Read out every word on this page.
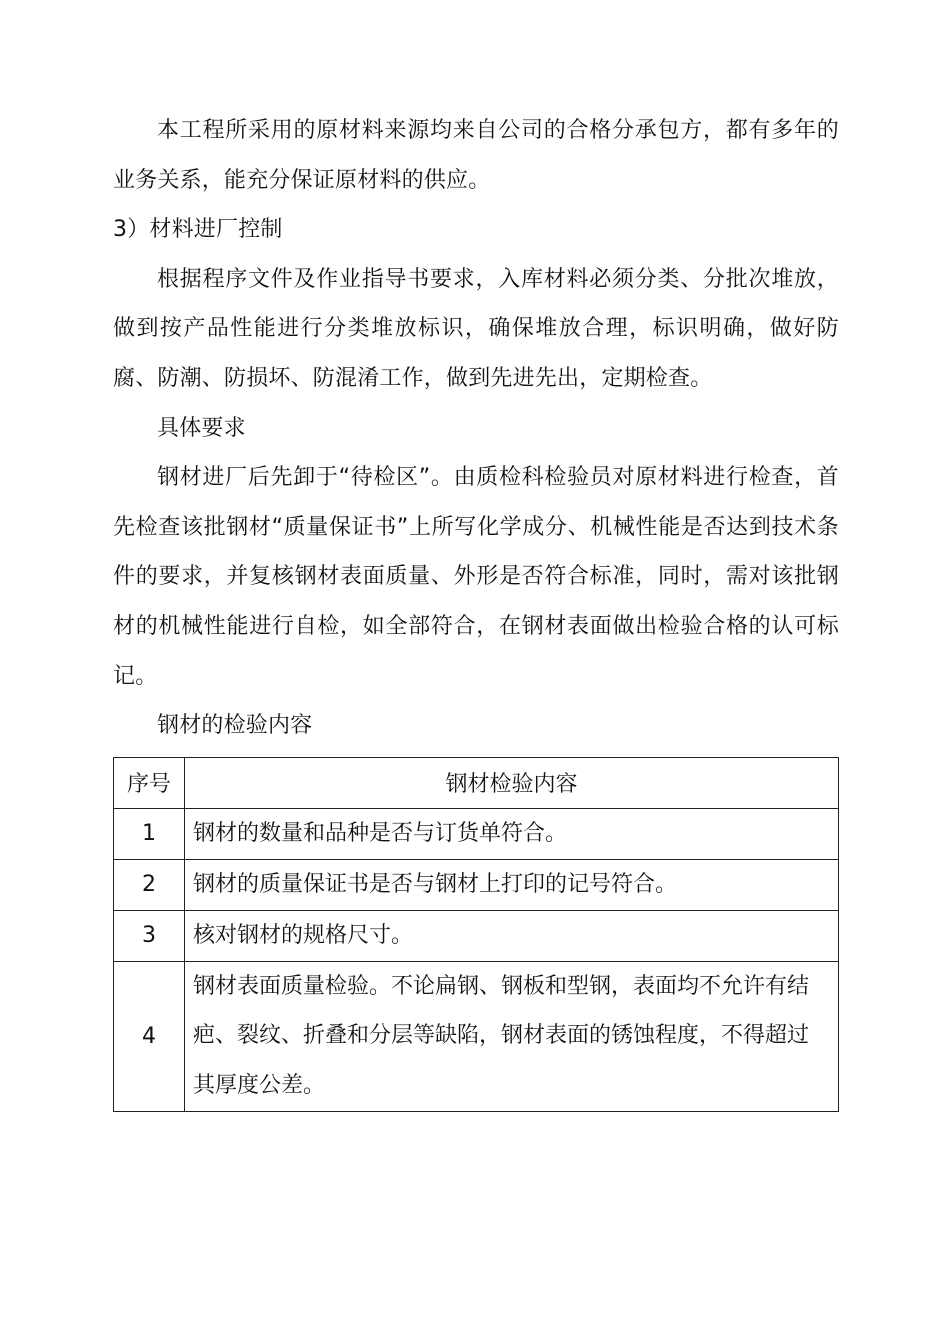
本工程所采用的原材料来源均来自公司的合格分承包方，都有多年的业务关系，能充分保证原材料的供应。

3）材料进厂控制

根据程序文件及作业指导书要求，入库材料必须分类、分批次堆放，做到按产品性能进行分类堆放标识，确保堆放合理，标识明确，做好防腐、防潮、防损坏、防混淆工作，做到先进先出，定期检查。

具体要求

钢材进厂后先卸于“待检区”。由质检科检验员对原材料进行检查，首先检查该批钢材“质量保证书”上所写化学成分、机械性能是否达到技术条件的要求，并复核钢材表面质量、外形是否符合标准，同时，需对该批钢材的机械性能进行自检，如全部符合，在钢材表面做出检验合格的认可标记。

钢材的检验内容

序号	钢材检验内容
1	钢材的数量和品种是否与订货单符合。
2	钢材的质量保证书是否与钢材上打印的记号符合。
3	核对钢材的规格尺寸。
4	钢材表面质量检验。不论扁钢、钢板和型钢，表面均不允许有结疤、裂纹、折叠和分层等缺陷，钢材表面的锈蚀程度，不得超过其厚度公差。
